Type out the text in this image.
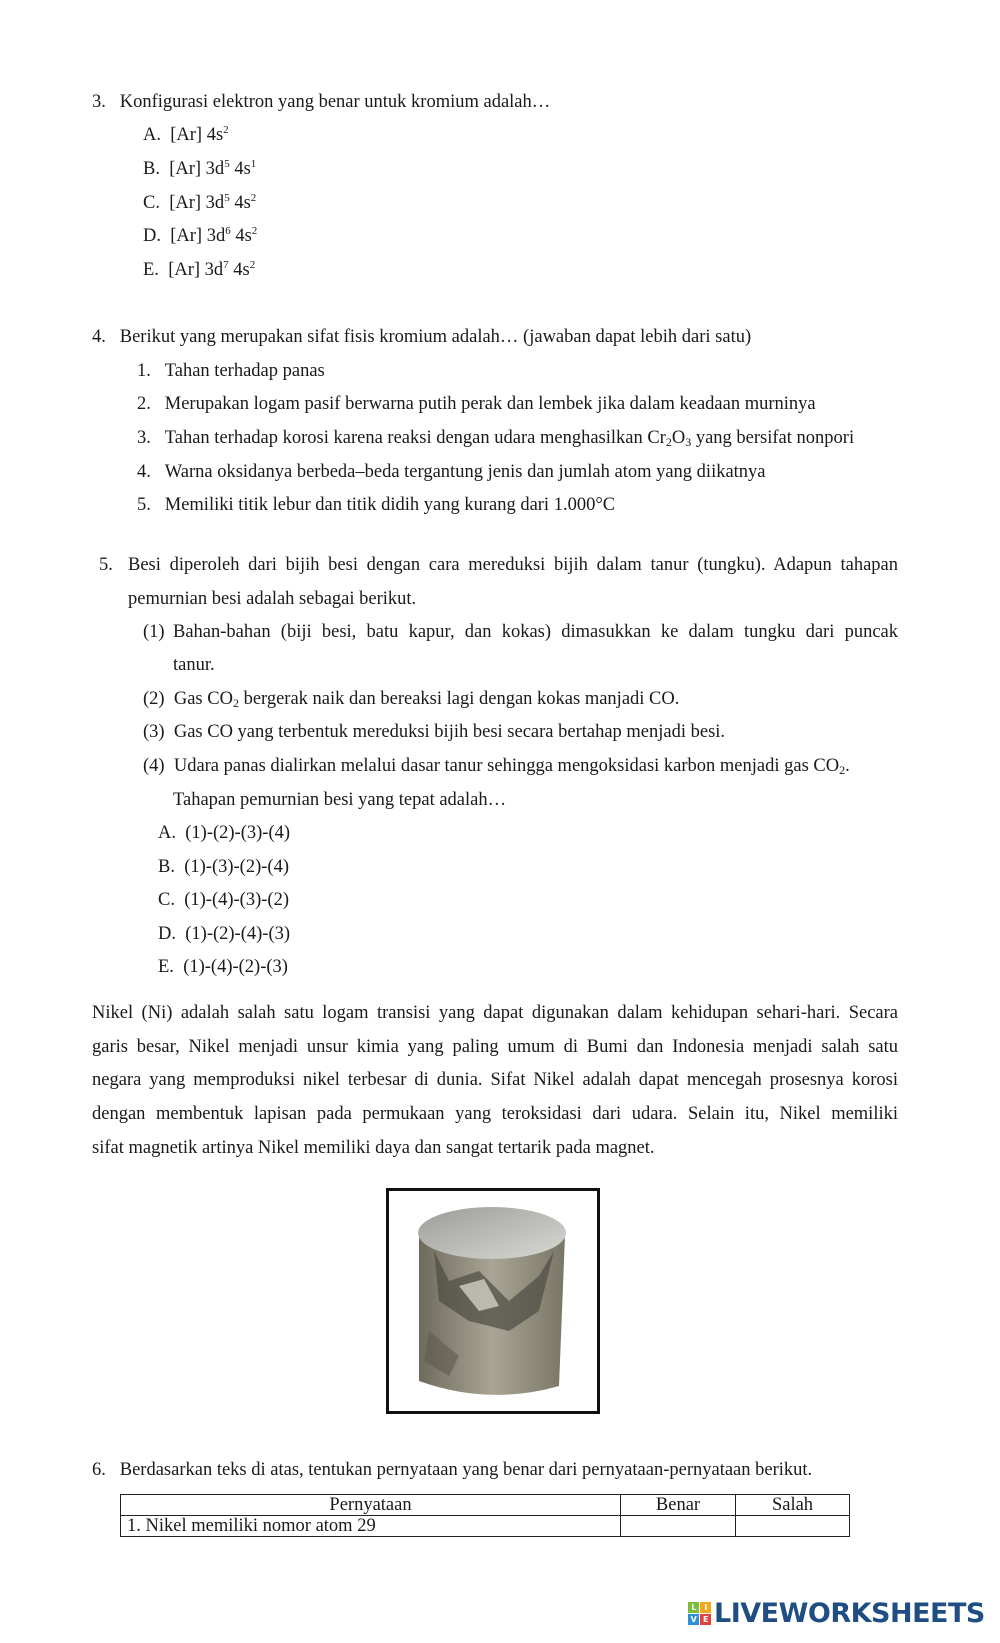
3. Konfigurasi elektron yang benar untuk kromium adalah…
A. [Ar] $4s^2$
B. [Ar] $3d^5$ $4s^1$
C. [Ar] $3d^5$ $4s^2$
D. [Ar] $3d^6$ $4s^2$
E. [Ar] $3d^7$ $4s^2$
4. Berikut yang merupakan sifat fisis kromium adalah… (jawaban dapat lebih dari satu)
1. Tahan terhadap panas
2. Merupakan logam pasif berwarna putih perak dan lembek jika dalam keadaan murninya
3. Tahan terhadap korosi karena reaksi dengan udara menghasilkan $Cr_2O_3$ yang bersifat nonpori
4. Warna oksidanya berbeda–beda tergantung jenis dan jumlah atom yang diikatnya
5. Memiliki titik lebur dan titik didih yang kurang dari 1.000°C
5. Besi diperoleh dari bijih besi dengan cara mereduksi bijih dalam tanur (tungku). Adapun tahapan
pemurnian besi adalah sebagai berikut.
(1) Bahan-bahan (biji besi, batu kapur, dan kokas) dimasukkan ke dalam tungku dari puncak
tanur.
(2) Gas $CO_2$ bergerak naik dan bereaksi lagi dengan kokas manjadi CO.
(3) Gas CO yang terbentuk mereduksi bijih besi secara bertahap menjadi besi.
(4) Udara panas dialirkan melalui dasar tanur sehingga mengoksidasi karbon menjadi gas $CO_2$.
Tahapan pemurnian besi yang tepat adalah…
A. (1)-(2)-(3)-(4)
B. (1)-(3)-(2)-(4)
C. (1)-(4)-(3)-(2)
D. (1)-(2)-(4)-(3)
E. (1)-(4)-(2)-(3)
Nikel (Ni) adalah salah satu logam transisi yang dapat digunakan dalam kehidupan sehari-hari. Secara
garis besar, Nikel menjadi unsur kimia yang paling umum di Bumi dan Indonesia menjadi salah satu
negara yang memproduksi nikel terbesar di dunia. Sifat Nikel adalah dapat mencegah prosesnya korosi
dengan membentuk lapisan pada permukaan yang teroksidasi dari udara. Selain itu, Nikel memiliki
sifat magnetik artinya Nikel memiliki daya dan sangat tertarik pada magnet.
6. Berdasarkan teks di atas, tentukan pernyataan yang benar dari pernyataan-pernyataan berikut.
Pernyataan	Benar	Salah
1. Nikel memiliki nomor atom 29		
L	I
V E LIVEWORKSHEETS
